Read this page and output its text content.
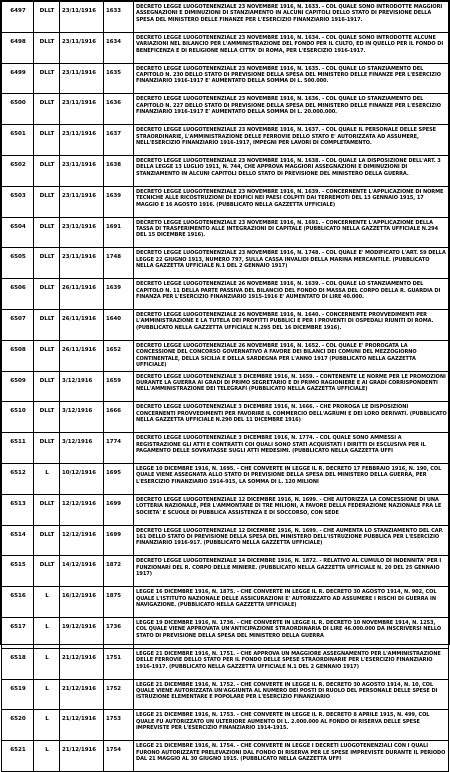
6497	DLLT	23/11/1916	1633	DECRETO LEGGE LUOGOTENENZIALE 23 NOVEMBRE 1916, N. 1633. - COL QUALE SONO INTRODOTTE MAGGIORI ASSEGNAZIONI E DIMINUZIONI DI STANZIAMENTO IN ALCUNI CAPITOLI DELLO STATO DI PREVISIONE DELLA SPESA DEL MINISTERO DELLE FINANZE PER L'ESERCIZIO FINANZIARIO 1916-1917.

6498	DLLT	23/11/1916	1634	DECRETO LEGGE LUOGOTENENZIALE 23 NOVEMBRE 1916, N. 1634. - COL QUALE SONO INTRODOTTE ALCUNE VARIAZIONI NEL BILANCIO PER L'AMMINISTRAZIONE DEL FONDO PER IL CULTO, ED IN QUELLO PER IL FONDO DI BENEFICENZA E DI RELIGIONE NELLA CITTA' DI ROMA, PER L'ESERCIZIO 1916-1917.

6499	DLLT	23/11/1916	1635	DECRETO LEGGE LUOGOTENENZIALE 23 NOVEMBRE 1916, N. 1635. - COL QUALE LO STANZIAMENTO DEL CAPITOLO N. 230 DELLO STATO DI PREVISIONE DELLA SPESA DEL MINISTERO DELLE FINANZE PER L'ESERCIZIO FINANZIARIO 1916-1917 E' AUMENTATO DELLA SOMMA DI L. 500.000.

6500	DLLT	23/11/1916	1636	DECRETO LEGGE LUOGOTENENZIALE 23 NOVEMBRE 1916, N. 1636. - COL QUALE LO STANZIAMENTO DEL CAPITOLO N. 227 DELLO STATO DI PREVISIONE DELLA SPESA DEL MINISTERO DELLE FINANZE PER L'ESERCIZIO FINANZIARIO 1916-1917 E' AUMENTATO DELLA SOMMA DI L. 20.000.000.

6501	DLLT	23/11/1916	1637	DECRETO LEGGE LUOGOTENENZIALE 23 NOVEMBRE 1916, N. 1637. - COL QUALE IL PERSONALE DELLE SPESE STRAORDINARIE, L'AMMINISTRAZIONE DELLE FERROVIE DELLO STATO E' AUTORIZZATA AD ASSUMERE, NELL'ESERCIZIO FINANZIARIO 1916-1917, IMPEGNI PER LAVORI DI COMPLETAMENTO.

6502	DLLT	23/11/1916	1638	DECRETO LEGGE LUOGOTENENZIALE 23 NOVEMBRE 1916, N. 1638. - COL QUALE LA DISPOSIZIONE DELL'ART. 3 DELLA LEGGE 13 LUGLIO 1911, N. 744, CHE APPROVA MAGGIORI ASSEGNAZIONI E DIMINUZIONI DI STANZIAMENTO IN ALCUNI CAPITOLI DELLO STATO DI PREVISIONE DEL MINISTERO DELLA GUERRA.

6503	DLLT	23/11/1916	1639	DECRETO LEGGE LUOGOTENENZIALE 23 NOVEMBRE 1916, N. 1639. - CONCERNENTE L'APPLICAZIONE DI NORME TECNICHE ALLE RICOSTRUZIONI DI EDIFICI NEI PAESI COLPITI DAI TERREMOTI DEL 13 GENNAIO 1915, 17 MAGGIO E 16 AGOSTO 1916. (PUBBLICATO NELLA GAZZETTA UFFICIALE)

6504	DLLT	23/11/1916	1691	DECRETO LEGGE LUOGOTENENZIALE 23 NOVEMBRE 1916, N. 1691. - CONCERNENTE L'APPLICAZIONE DELLA TASSA DI TRASFERIMENTO ALLE INTEGRAZIONI DI CAPITALE (PUBBLICATO NELLA GAZZETTA UFFICIALE N.294 DEL 15 DICEMBRE 1916).

6505	DLLT	23/11/1916	1748	DECRETO LEGGE LUOGOTENENZIALE 23 NOVEMBRE 1916, N. 1748. - COL QUALE E' MODIFICATO L'ART. 59 DELLA LEGGE 22 GIUGNO 1913, NUMERO 797, SULLA CASSA INVALIDI DELLA MARINA MERCANTILE. (PUBBLICATO NELLA GAZZETTA UFFICIALE N.1 DEL 2 GENNAIO 1917)

6506	DLLT	26/11/1916	1639	DECRETO LEGGE LUOGOTENENZIALE 26 NOVEMBRE 1916, N. 1639. - COL QUALE LO STANZIAMENTO DEL CAPITOLO N. 11 DELLA PARTE PASSIVA DEL BILANCIO DEL FONDO DI MASSA DEL CORPO DELLA R. GUARDIA DI FINANZA PER L'ESERCIZIO FINANZIARIO 1915-1916 E' AUMENTATO DI LIRE 40.000.

6507	DLLT	26/11/1916	1640	DECRETO LEGGE LUOGOTENENZIALE 26 NOVEMBRE 1916, N. 1640. - CONCERNENTE PROVVEDIMENTI PER L'AMMINISTRAZIONE E LA TUTELA DEI PROFITTI PUBBLICI E PER I PROVENTI DI OSPEDALI RIUNITI DI ROMA. (PUBBLICATO NELLA GAZZETTA UFFICIALE N.295 DEL 16 DICEMBRE 1916).

6508	DLLT	26/11/1916	1652	DECRETO LEGGE LUOGOTENENZIALE 26 NOVEMBRE 1916, N. 1652. - COL QUALE E' PROROGATA LA CONCESSIONE DEL CONCORSO GOVERNATIVO A FAVORE DEI BILANCI DEI COMUNI DEL MEZZOGIORNO CONTINENTALE, DELLA SICILIA E DELLA SARDEGNA PER L'ANNO 1917 (PUBBLICATO NELLA GAZZETTA UFFICIALE)

6509	DLLT	3/12/1916	1659	DECRETO LEGGE LUOGOTENENZIALE 3 DICEMBRE 1916, N. 1659. - CONTENENTE LE NORME PER LE PROMOZIONI DURANTE LA GUERRA AI GRADI DI PRIMO SEGRETARIO E DI PRIMO RAGIONIERE E AI GRADI CORRISPONDENTI NELL'AMMINISTRAZIONE DEI TELEGRAFI (PUBBLICATO NELLA GAZZETTA UFFICIALE)

6510	DLLT	3/12/1916	1666	DECRETO LEGGE LUOGOTENENZIALE 3 DICEMBRE 1916, N. 1666. - CHE PROROGA LE DISPOSIZIONI CONCERNENTI PROVVEDIMENTI PER FAVORIRE IL COMMERCIO DELL'AGRUMI E DEI LORO DERIVATI. (PUBBLICATO NELLA GAZZETTA UFFICIALE N.290 DEL 11 DICEMBRE 1916)

6511	DLLT	3/12/1916	1774	DECRETO LEGGE LUOGOTENENZIALE 3 DICEMBRE 1916, N. 1774. - COL QUALE SONO AMMESSI A REGISTRAZIONE GLI ATTI E CONTRATTI COI QUALI SONO STATI ACQUISTATI I DIRITTI DI ESCLUSIVA PER IL PAGAMENTO DELLE SOVRATASSE SUGLI ATTI MEDESIMI. (PUBBLICATO NELLA GAZZETTA UFFI

6512	L	10/12/1916	1695	LEGGE 10 DICEMBRE 1916, N. 1695. - CHE CONVERTE IN LEGGE IL R. DECRETO 17 FEBBRAIO 1916, N. 190, COL QUALE VIENE ASSEGNATA ALLO STATO DI PREVISIONE DELLA SPESA DEL MINISTERO DELLA GUERRA, PER L'ESERCIZIO FINANZIARIO 1914-915, LA SOMMA DI L. 120 MILIONI

6513	DLLT	12/12/1916	1699	DECRETO LEGGE LUOGOTENENZIALE 12 DICEMBRE 1916, N. 1699. - CHE AUTORIZZA LA CONCESSIONE DI UNA LOTTERIA NAZIONALE, PER L'AMMONTARE DI TRE MILIONI, A FAVORE DELLA FEDERAZIONE NAZIONALE FRA LE SOCIETA' E SCUOLE DI PUBBLICA ASSISTENZA E DI SOCCORSO, CON SEDE

6514	DLLT	12/12/1916	1699	DECRETO LEGGE LUOGOTENENZIALE 12 DICEMBRE 1916, N. 1699. - CHE AUMENTA LO STANZIAMENTO DEL CAP. 161 DELLO STATO DI PREVISIONE DELLA SPESA DEL MINISTERO DELL'ISTRUZIONE PUBBLICA PER L'ESERCIZIO FINANZIARIO 1916-917. (PUBBLICATO NELLA GAZZETTA UFFICIALE)

6515	DLLT	14/12/1916	1872	DECRETO LEGGE LUOGOTENENZIALE 14 DICEMBRE 1916, N. 1872. - RELATIVO AL CUMULO DI INDENNITA' PER I FUNZIONARI DEL R. CORPO DELLE MINIERE. (PUBBLICATO NELLA GAZZETTA UFFICIALE N. 20 DEL 25 GENNAIO 1917)

6516	L	16/12/1916	1875	LEGGE 16 DICEMBRE 1916, N. 1875. - CHE CONVERTE IN LEGGE IL R. DECRETO 30 AGOSTO 1914, N. 902, COL QUALE L'ISTITUTO NAZIONALE DELLE ASSICURAZIONI E' AUTORIZZATO AD ASSUMERE I RISCHI DI GUERRA IN NAVIGAZIONE. (PUBBLICATO NELLA GAZZETTA UFFICIALE)

6517	L	19/12/1916	1736	LEGGE 19 DICEMBRE 1916, N. 1736. - CHE CONVERTE IN LEGGE IL R. DECRETO 10 NOVEMBRE 1914, N. 1253, COL QUALE VIENE APPROVATA UN'ANTICIPAZIONE STRAORDINARIA DI LIRE 46.000.000 DA INSCRIVERSI NELLO STATO DI PREVISIONE DELLA SPESA DEL MINISTERO DELLA GUERRA

6518	L	21/12/1916	1751	LEGGE 21 DICEMBRE 1916, N. 1751. - CHE APPROVA UN MAGGIORE ASSEGNAMENTO PER L'AMMINISTRAZIONE DELLE FERROVIE DELLO STATO PER IL FONDO DELLE SPESE STRAORDINARIE PER L'ESERCIZIO FINANZIARIO 1916-1917. (PUBBLICATO NELLA GAZZETTA UFFICIALE N.1 DEL 2 GENNAIO 1917)

6519	L	21/12/1916	1752	LEGGE 21 DICEMBRE 1916, N. 1752. - CHE CONVERTE IN LEGGE IL R. DECRETO 30 AGOSTO 1914, N. 10, COL QUALE VIENE AUTORIZZATA UN'AGGIUNTA AL NUMERO DEI POSTI DI RUOLO DEL PERSONALE DELLE SPESE DI ISTRUZIONE ELEMENTARE E POPOLARE PER L'ESERCIZIO FINANZIARIO

6520	L	21/12/1916	1753	LEGGE 21 DICEMBRE 1916, N. 1753. - CHE CONVERTE IN LEGGE IL R. DECRETO 8 APRILE 1915, N. 499, COL QUALE FU AUTORIZZATO UN ULTERIORE AUMENTO DI L. 2.000.000 AL FONDO DI RISERVA DELLE SPESE IMPREVISTE PER L'ESERCIZIO FINANZIARIO 1914-1915.

6521	L	21/12/1916	1754	LEGGE 21 DICEMBRE 1916, N. 1754. - CHE CONVERTE IN LEGGE I DECRETI LUOGOTENENZIALI CON I QUALI FURONO AUTORIZZATE PRELEVAZIONI DAL FONDO DI RISERVA PER LE SPESE IMPREVISTE DURANTE IL PERIODO DAL 21 MAGGIO AL 30 GIUGNO 1915. (PUBBLICATO NELLA GAZZETTA UFFI
